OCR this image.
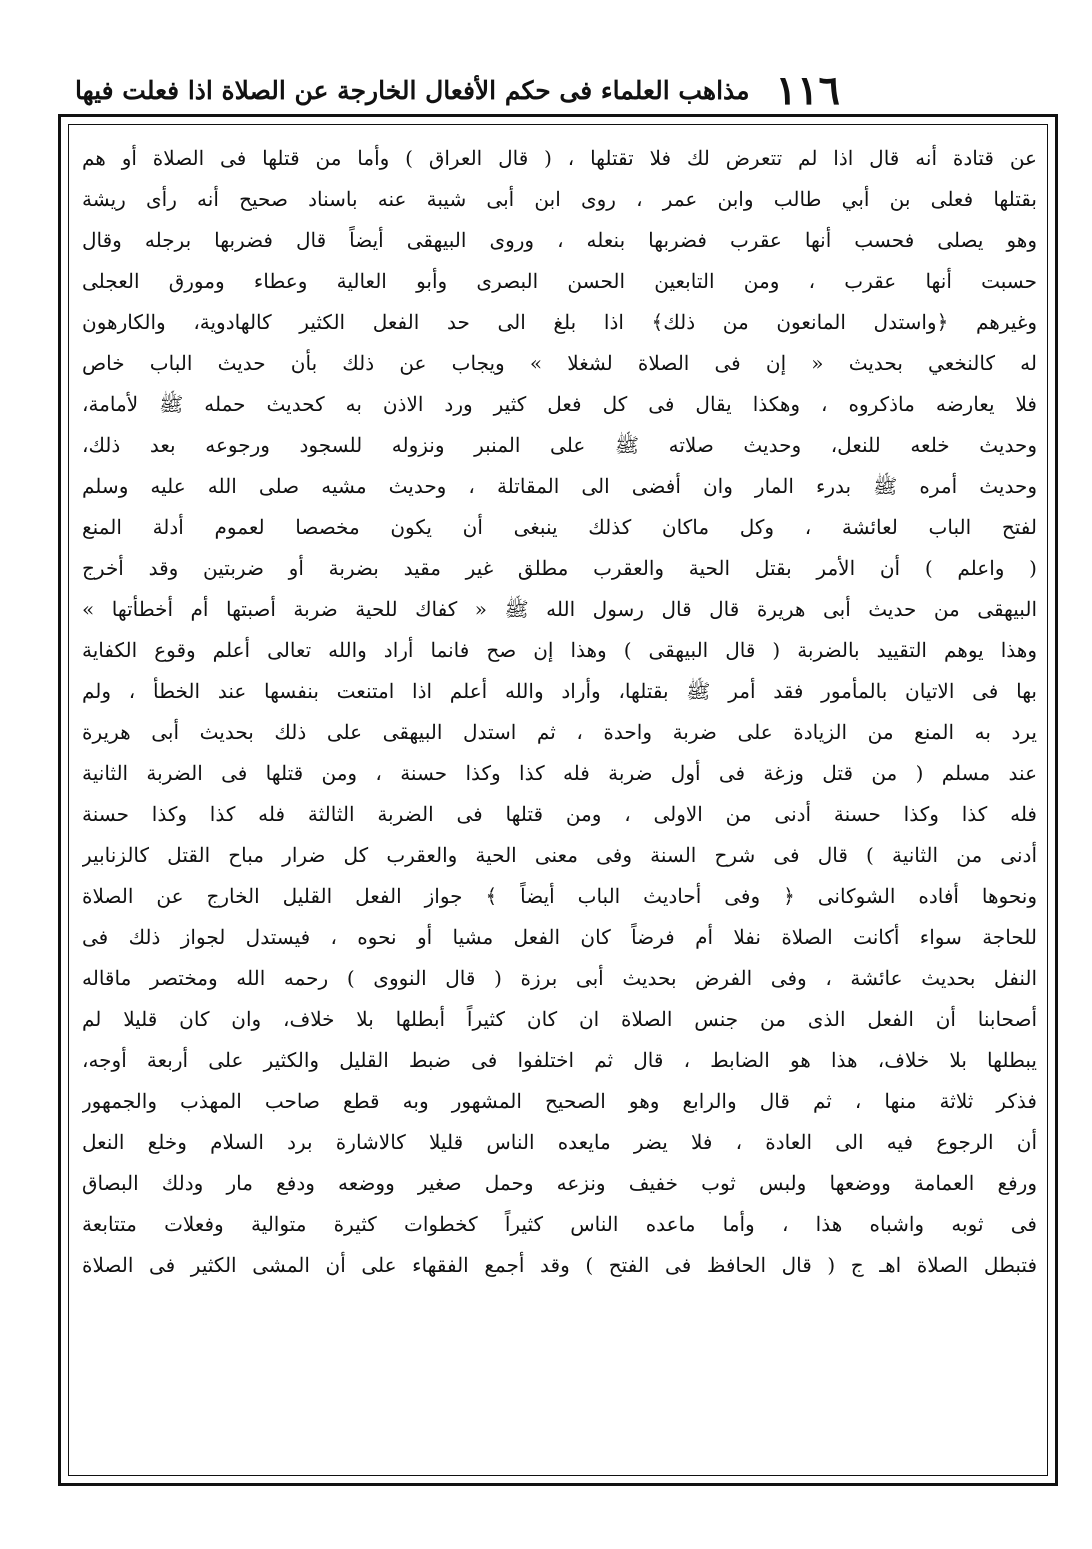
١١٦
مذاهب العلماء فى حكم الأفعال الخارجة عن الصلاة اذا فعلت فيها
عن قتادة أنه قال اذا لم تتعرض لك فلا تقتلها ، ( قال العراق ) وأما من قتلها فى الصلاة أو هم
بقتلها فعلى بن أبي طالب وابن عمر ، روى ابن أبى شيبة عنه باسناد صحيح أنه رأى ريشة
وهو يصلى فحسب أنها عقرب فضربها بنعله ، وروى البيهقى أيضاً قال فضربها برجله وقال
حسبت أنها عقرب ، ومن التابعين الحسن البصرى وأبو العالية وعطاء ومورق العجلى
وغيرهم ﴿واستدل المانعون من ذلك﴾ اذا بلغ الى حد الفعل الكثير كالهادوية، والكارهون
له كالنخعي بحديث « إن فى الصلاة لشغلا » ويجاب عن ذلك بأن حديث الباب خاص
فلا يعارضه ماذكروه ، وهكذا يقال فى كل فعل كثير ورد الاذن به كحديث حمله ﷺ لأمامة،
وحديث خلعه للنعل، وحديث صلاته ﷺ على المنبر ونزوله للسجود ورجوعه بعد ذلك،
وحديث أمره ﷺ بدرء المار وان أفضى الى المقاتلة ، وحديث مشيه صلى الله عليه وسلم
لفتح الباب لعائشة ، وكل ماكان كذلك ينبغى أن يكون مخصصا لعموم أدلة المنع
( واعلم ) أن الأمر بقتل الحية والعقرب مطلق غير مقيد بضربة أو ضربتين وقد أخرج
البيهقى من حديث أبى هريرة قال قال رسول الله ﷺ « كفاك للحية ضربة أصبتها أم أخطأتها »
وهذا يوهم التقييد بالضربة ( قال البيهقى ) وهذا إن صح فانما أراد والله تعالى أعلم وقوع الكفاية
بها فى الاتيان بالمأمور فقد أمر ﷺ بقتلها، وأراد والله أعلم اذا امتنعت بنفسها عند الخطأ ، ولم
يرد به المنع من الزيادة على ضربة واحدة ، ثم استدل البيهقى على ذلك بحديث أبى هريرة
عند مسلم ( من قتل وزغة فى أول ضربة فله كذا وكذا حسنة ، ومن قتلها فى الضربة الثانية
فله كذا وكذا حسنة أدنى من الاولى ، ومن قتلها فى الضربة الثالثة فله كذا وكذا حسنة
أدنى من الثانية ) قال فى شرح السنة وفى معنى الحية والعقرب كل ضرار مباح القتل كالزنابير
ونحوها أفاده الشوكانى ﴿ وفى أحاديث الباب أيضاً ﴾ جواز الفعل القليل الخارج عن الصلاة
للحاجة سواء أكانت الصلاة نفلا أم فرضاً كان الفعل مشيا أو نحوه ، فيستدل لجواز ذلك فى
النفل بحديث عائشة ، وفى الفرض بحديث أبى برزة ( قال النووى ) رحمه الله ومختصر ماقاله
أصحابنا أن الفعل الذى من جنس الصلاة ان كان كثيراً أبطلها بلا خلاف، وان كان قليلا لم
يبطلها بلا خلاف، هذا هو الضابط ، قال ثم اختلفوا فى ضبط القليل والكثير على أربعة أوجه،
فذكر ثلاثة منها ، ثم قال والرابع وهو الصحيح المشهور وبه قطع صاحب المهذب والجمهور
أن الرجوع فيه الى العادة ، فلا يضر مايعده الناس قليلا كالاشارة برد السلام وخلع النعل
ورفع العمامة ووضعها ولبس ثوب خفيف ونزعه وحمل صغير ووضعه ودفع مار ودلك البصاق
فى ثوبه واشباه هذا ، وأما ماعده الناس كثيراً كخطوات كثيرة متوالية وفعلات متتابعة
فتبطل الصلاة اهـ ج ( قال الحافظ فى الفتح ) وقد أجمع الفقهاء على أن المشى الكثير فى الصلاة
